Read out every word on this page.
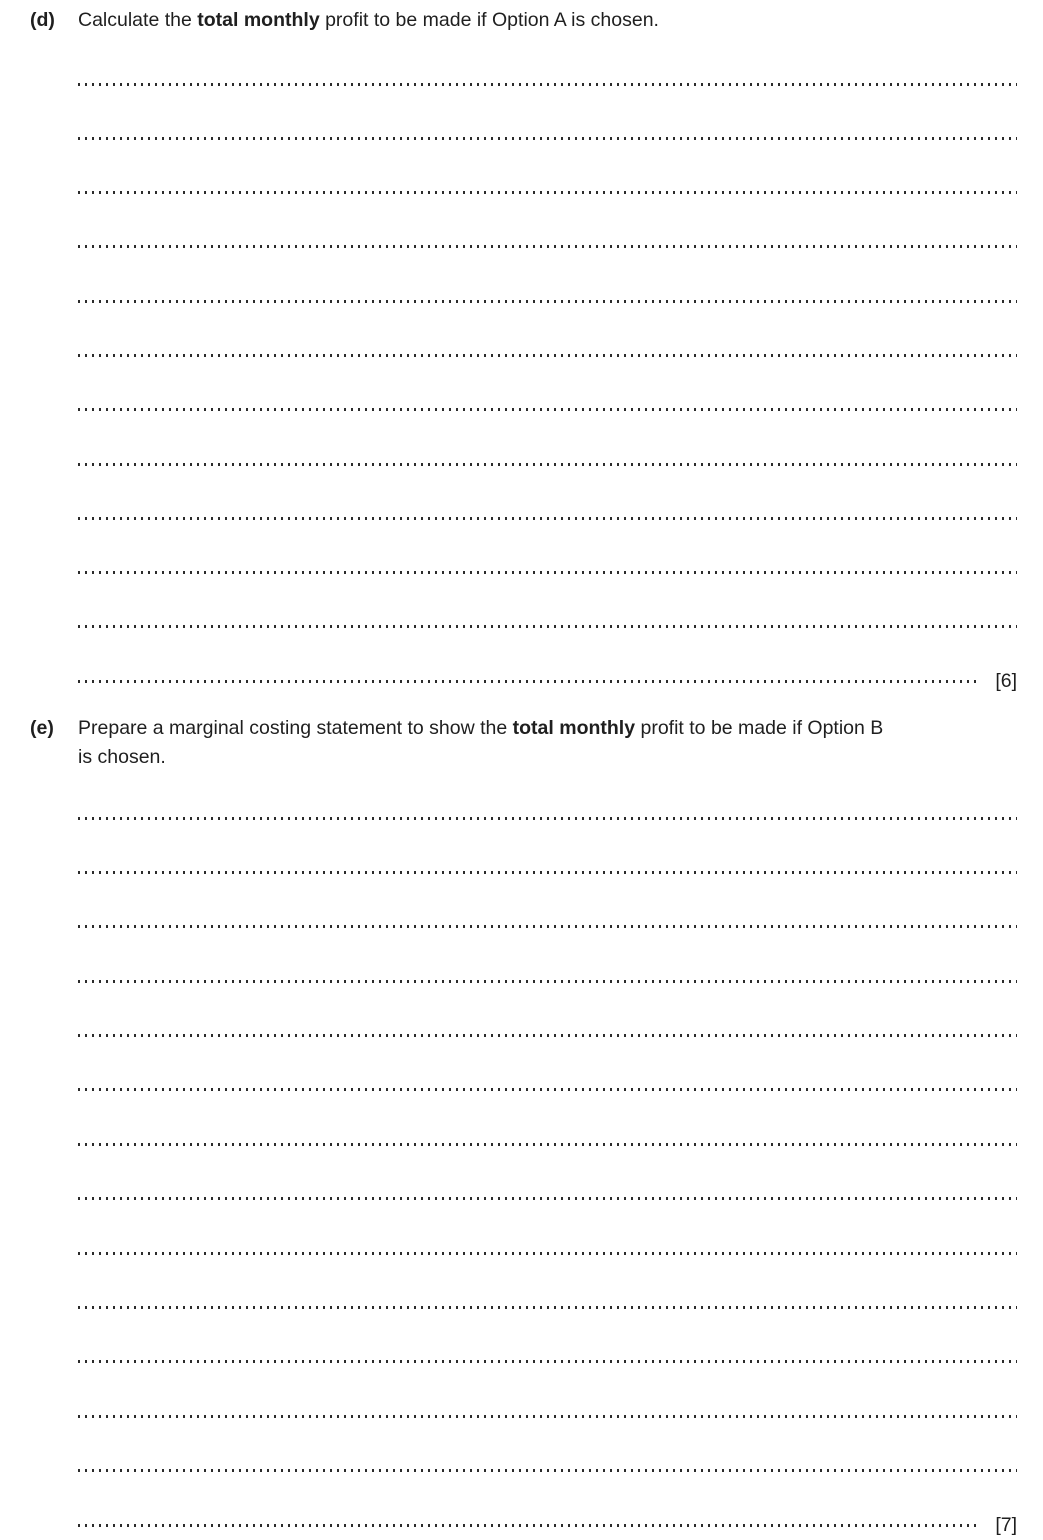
(d)	Calculate the total monthly profit to be made if Option A is chosen.
[6]
(e)	Prepare a marginal costing statement to show the total monthly profit to be made if Option B
is chosen.
[7]
